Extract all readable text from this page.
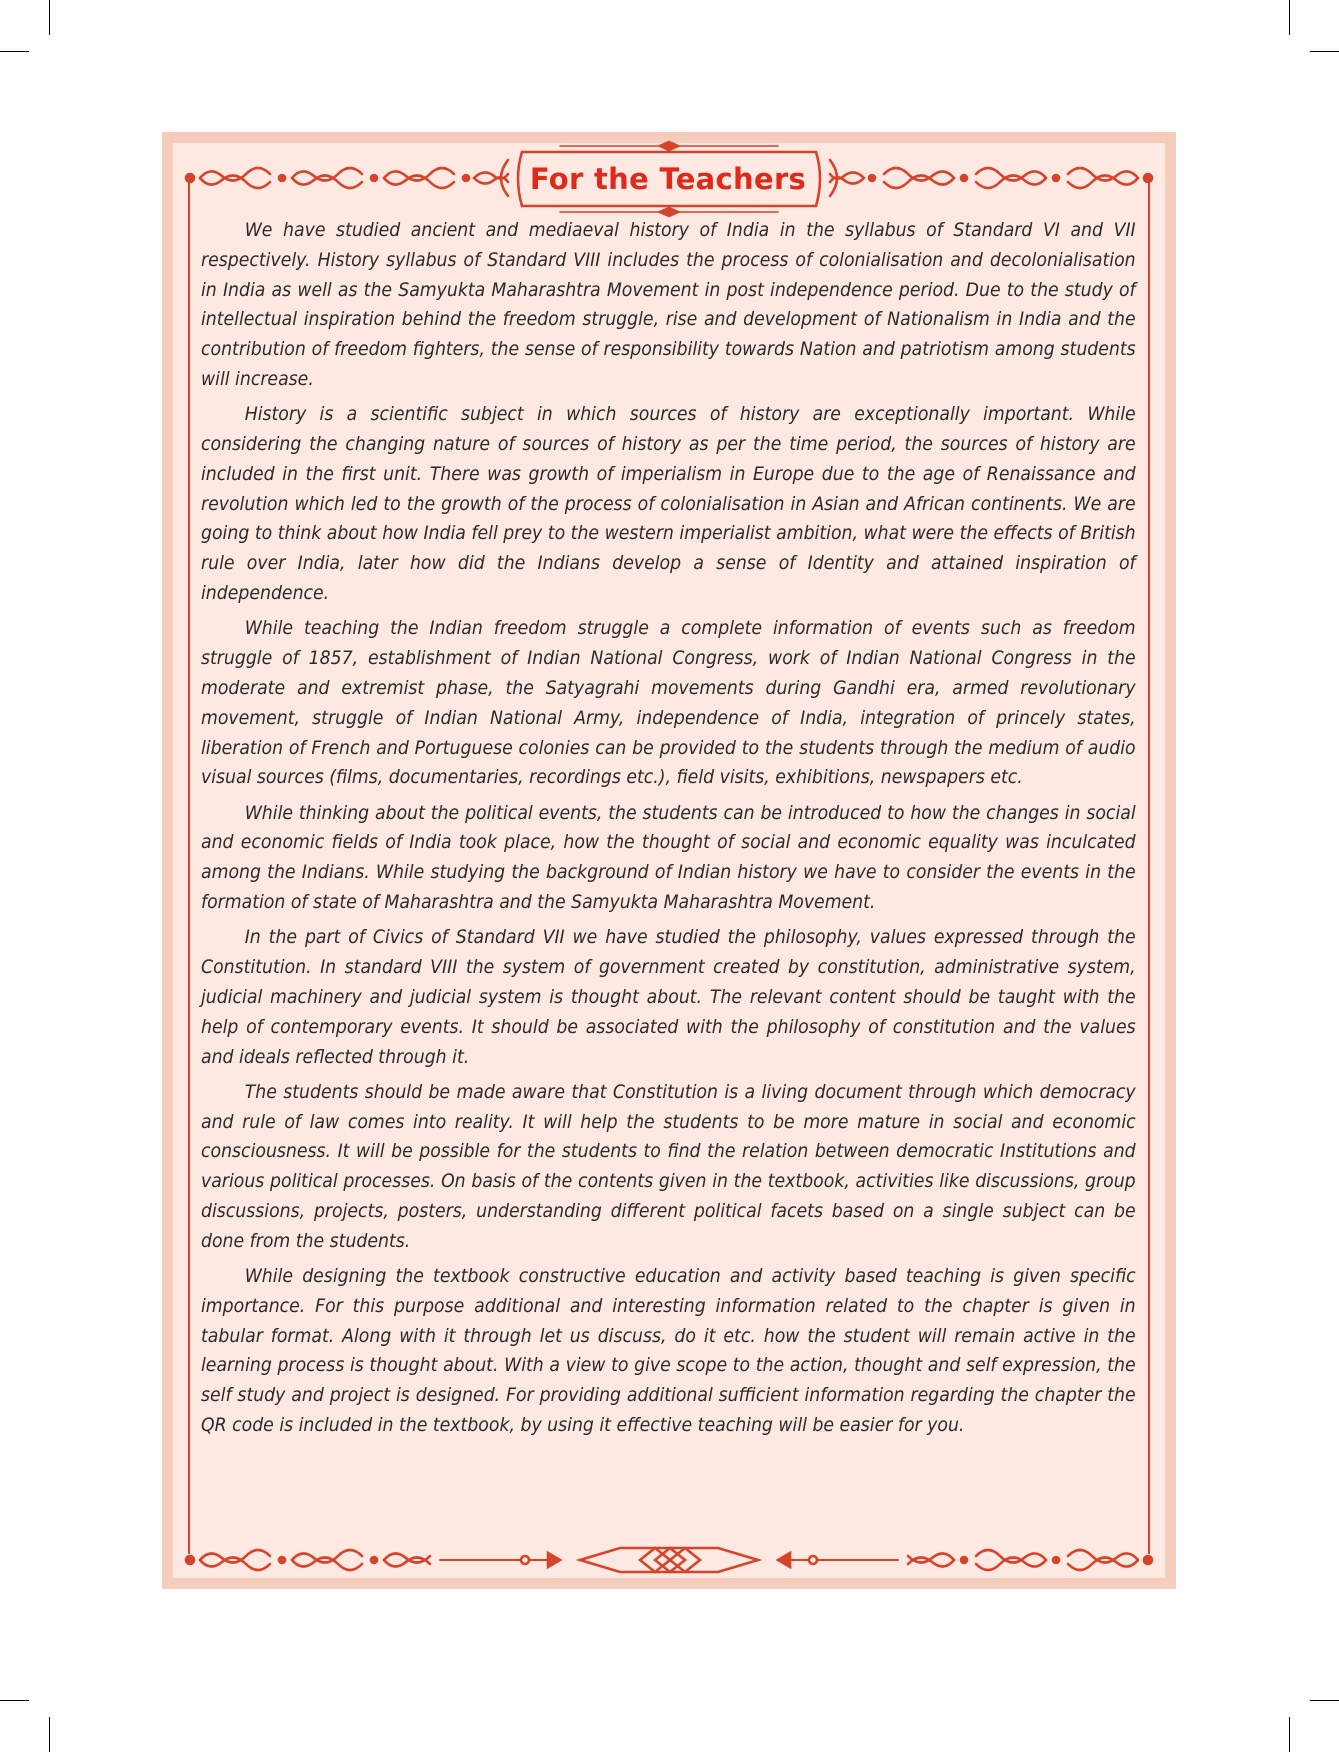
For the Teachers

We have studied ancient and mediaeval history of India in the syllabus of Standard VI and VII respectively. History syllabus of Standard VIII includes the process of colonialisation and decolonialisation in India as well as the Samyukta Maharashtra Movement in post independence period. Due to the study of intellectual inspiration behind the freedom struggle, rise and development of Nationalism in India and the contribution of freedom fighters, the sense of responsibility towards Nation and patriotism among students will increase.

History is a scientific subject in which sources of history are exceptionally important. While considering the changing nature of sources of history as per the time period, the sources of history are included in the first unit. There was growth of imperialism in Europe due to the age of Renaissance and revolution which led to the growth of the process of colonialisation in Asian and African continents. We are going to think about how India fell prey to the western imperialist ambition, what were the effects of British rule over India, later how did the Indians develop a sense of Identity and attained inspiration of independence.

While teaching the Indian freedom struggle a complete information of events such as freedom struggle of 1857, establishment of Indian National Congress, work of Indian National Congress in the moderate and extremist phase, the Satyagrahi movements during Gandhi era, armed revolutionary movement, struggle of Indian National Army, independence of India, integration of princely states, liberation of French and Portuguese colonies can be provided to the students through the medium of audio visual sources (films, documentaries, recordings etc.), field visits, exhibitions, newspapers etc.

While thinking about the political events, the students can be introduced to how the changes in social and economic fields of India took place, how the thought of social and economic equality was inculcated among the Indians. While studying the background of Indian history we have to consider the events in the formation of state of Maharashtra and the Samyukta Maharashtra Movement.

In the part of Civics of Standard VII we have studied the philosophy, values expressed through the Constitution. In standard VIII the system of government created by constitution, administrative system, judicial machinery and judicial system is thought about. The relevant content should be taught with the help of contemporary events. It should be associated with the philosophy of constitution and the values and ideals reflected through it.

The students should be made aware that Constitution is a living document through which democracy and rule of law comes into reality. It will help the students to be more mature in social and economic consciousness. It will be possible for the students to find the relation between democratic Institutions and various political processes. On basis of the contents given in the textbook, activities like discussions, group discussions, projects, posters, understanding different political facets based on a single subject can be done from the students.

While designing the textbook constructive education and activity based teaching is given specific importance. For this purpose additional and interesting information related to the chapter is given in tabular format. Along with it through let us discuss, do it etc. how the student will remain active in the learning process is thought about. With a view to give scope to the action, thought and self expression, the self study and project is designed. For providing additional sufficient information regarding the chapter the QR code is included in the textbook, by using it effective teaching will be easier for you.
